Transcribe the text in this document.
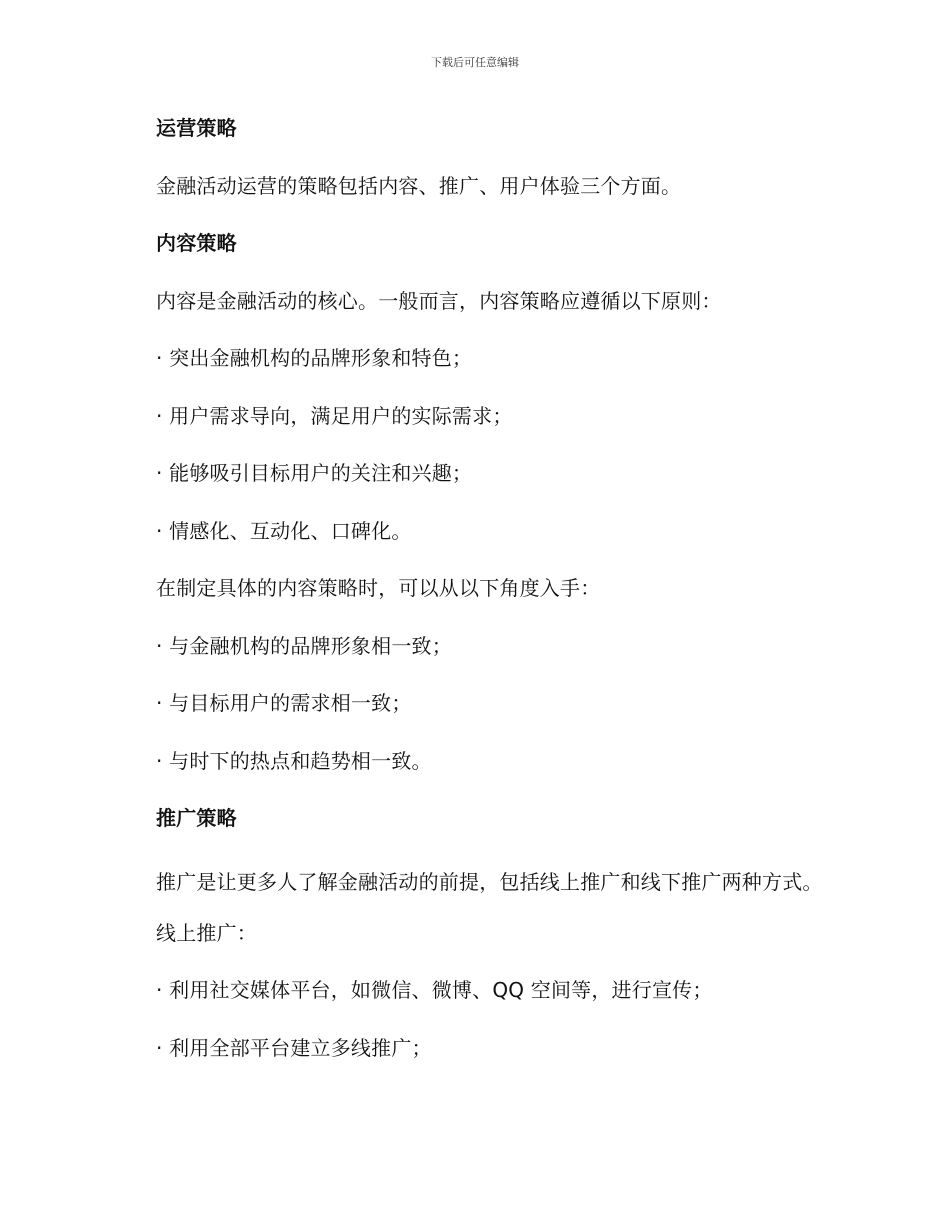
下载后可任意编辑
运营策略
金融活动运营的策略包括内容、推广、用户体验三个方面。
内容策略
内容是金融活动的核心。一般而言，内容策略应遵循以下原则：
· 突出金融机构的品牌形象和特色；
· 用户需求导向，满足用户的实际需求；
· 能够吸引目标用户的关注和兴趣；
· 情感化、互动化、口碑化。
在制定具体的内容策略时，可以从以下角度入手：
· 与金融机构的品牌形象相一致；
· 与目标用户的需求相一致；
· 与时下的热点和趋势相一致。
推广策略
推广是让更多人了解金融活动的前提，包括线上推广和线下推广两种方式。
线上推广：
· 利用社交媒体平台，如微信、微博、QQ 空间等，进行宣传；
· 利用全部平台建立多线推广；
